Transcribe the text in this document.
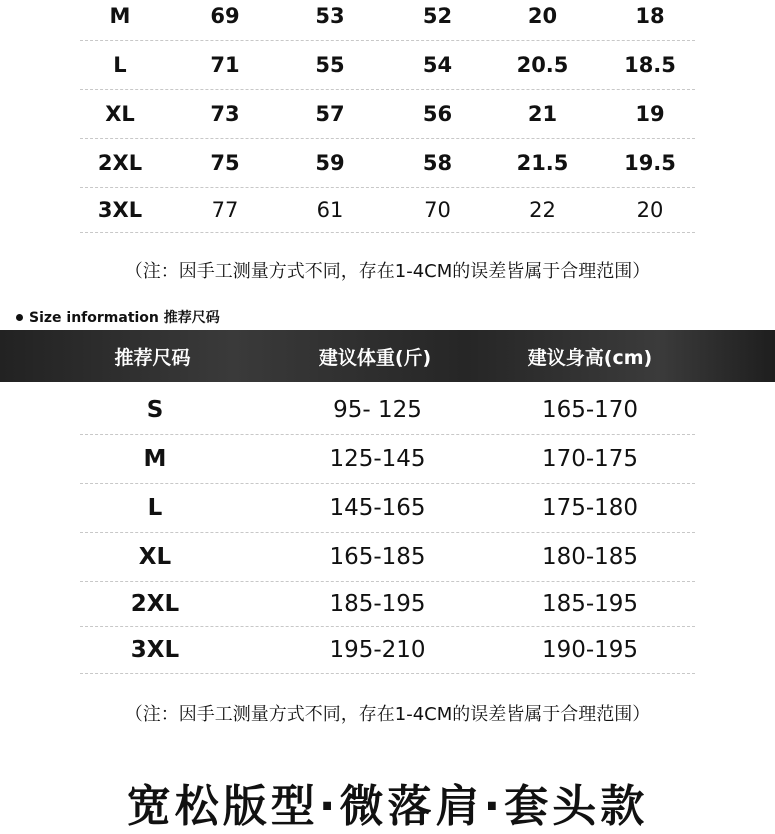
M	69	53	52	20	18
L	71	55	54	20.5	18.5
XL	73	57	56	21	19
2XL	75	59	58	21.5	19.5
3XL	77	61	70	22	20
（注：因手工测量方式不同，存在1-4CM的误差皆属于合理范围）
Size information 推荐尺码
推荐尺码	建议体重(斤)	建议身高(cm)
S	95- 125	165-170
M	125-145	170-175
L	145-165	175-180
XL	165-185	180-185
2XL	185-195	185-195
3XL	195-210	190-195
（注：因手工测量方式不同，存在1-4CM的误差皆属于合理范围）
宽松版型·微落肩·套头款
